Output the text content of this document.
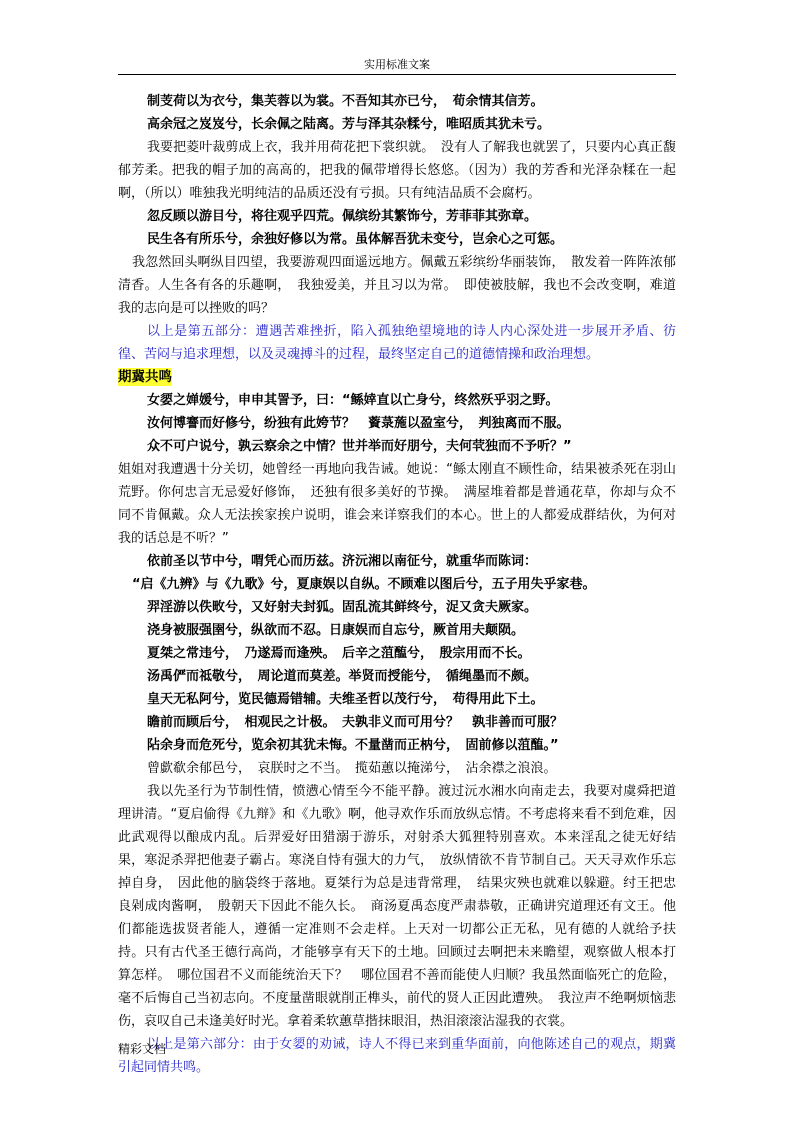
实用标准文案

制芰荷以为衣兮，集芙蓉以为裳。不吾知其亦已兮，　荀余情其信芳。

高余冠之岌岌兮，长余佩之陆离。芳与泽其杂糅兮，唯昭质其犹未亏。

我要把菱叶裁剪成上衣，我并用荷花把下裳织就。　没有人了解我也就罢了，只要内心真正馥郁芳柔。把我的帽子加的高高的，把我的佩带增得长悠悠。（因为）我的芳香和光泽杂糅在一起啊，（所以）唯独我光明纯洁的品质还没有亏损。只有纯洁品质不会腐朽。

忽反顾以游目兮，将往观乎四荒。佩缤纷其繁饰兮，芳菲菲其弥章。

民生各有所乐兮，余独好修以为常。虽体解吾犹未变兮，岂余心之可惩。

我忽然回头啊纵目四望，我要游观四面遥远地方。佩戴五彩缤纷华丽装饰，　散发着一阵阵浓郁清香。人生各有各的乐趣啊，　我独爱美，并且习以为常。　即使被肢解，我也不会改变啊，难道我的志向是可以挫败的吗？

以上是第五部分：遭遇苦难挫折，陷入孤独绝望境地的诗人内心深处进一步展开矛盾、彷徨、苦闷与追求理想，以及灵魂搏斗的过程，最终坚定自己的道德情操和政治理想。

期冀共鸣

女媭之婵媛兮，申申其詈予，曰：“鲧婞直以亡身兮，终然殀乎羽之野。

汝何博謇而好修兮，纷独有此姱节？　薋菉葹以盈室兮，　判独离而不服。

众不可户说兮，孰云察余之中情？世并举而好朋兮，夫何茕独而不予听？”

姐姐对我遭遇十分关切，她曾经一再地向我告诫。她说：“鲧太刚直不顾性命，结果被杀死在羽山荒野。你何忠言无忌爱好修饰，　还独有很多美好的节操。　满屋堆着都是普通花草，你却与众不同不肯佩戴。众人无法挨家挨户说明，谁会来详察我们的本心。世上的人都爱成群结伙，为何对我的话总是不听？”

依前圣以节中兮，喟凭心而历兹。济沅湘以南征兮，就重华而陈词：

“启《九辨》与《九歌》兮，夏康娱以自纵。不顾难以图后兮，五子用失乎家巷。

羿淫游以佚畋兮，又好射夫封狐。固乱流其鲜终兮，浞又贪夫厥家。

浇身被服强圉兮，纵欲而不忍。日康娱而自忘兮，厥首用夫颠陨。

夏桀之常违兮，　乃遂焉而逢殃。　后辛之菹醢兮，　殷宗用而不长。

汤禹俨而祗敬兮，　周论道而莫差。举贤而授能兮，　循绳墨而不颇。

皇天无私阿兮，览民德焉错辅。夫维圣哲以茂行兮，　苟得用此下土。

瞻前而顾后兮，　相观民之计极。　夫孰非义而可用兮？　孰非善而可服？

阽余身而危死兮，览余初其犹未悔。不量凿而正枘兮，　固前修以菹醢。”

曾歔欷余郁邑兮，　哀朕时之不当。　揽茹蕙以掩涕兮，　沾余襟之浪浪。

我以先圣行为节制性情，愤懑心情至今不能平静。渡过沅水湘水向南走去，我要对虞舜把道理讲清。“夏启偷得《九辩》和《九歌》啊，他寻欢作乐而放纵忘情。不考虑将来看不到危难，因此武观得以酿成内乱。后羿爱好田猎溺于游乐，对射杀大狐狸特别喜欢。本来淫乱之徒无好结果，寒浞杀羿把他妻子霸占。寒浇自恃有强大的力气，　放纵情欲不肯节制自己。天天寻欢作乐忘掉自身，　因此他的脑袋终于落地。夏桀行为总是违背常理，　结果灾殃也就难以躲避。纣王把忠良剁成肉酱啊，　殷朝天下因此不能久长。　商汤夏禹态度严肃恭敬，正确讲究道理还有文王。他们都能选拔贤者能人，遵循一定准则不会走样。上天对一切都公正无私，见有德的人就给予扶持。只有古代圣王德行高尚，才能够享有天下的土地。回顾过去啊把未来瞻望，观察做人根本打算怎样。　哪位国君不义而能统治天下？　哪位国君不善而能使人归顺？我虽然面临死亡的危险，毫不后悔自己当初志向。不度量凿眼就削正榫头，前代的贤人正因此遭殃。　我泣声不绝啊烦恼悲伤，哀叹自己未逢美好时光。拿着柔软蕙草揩抹眼泪，热泪滚滚沾湿我的衣裳。

以上是第六部分：由于女媭的劝诫，诗人不得已来到重华面前，向他陈述自己的观点，期冀引起同情共鸣。

精彩文档
